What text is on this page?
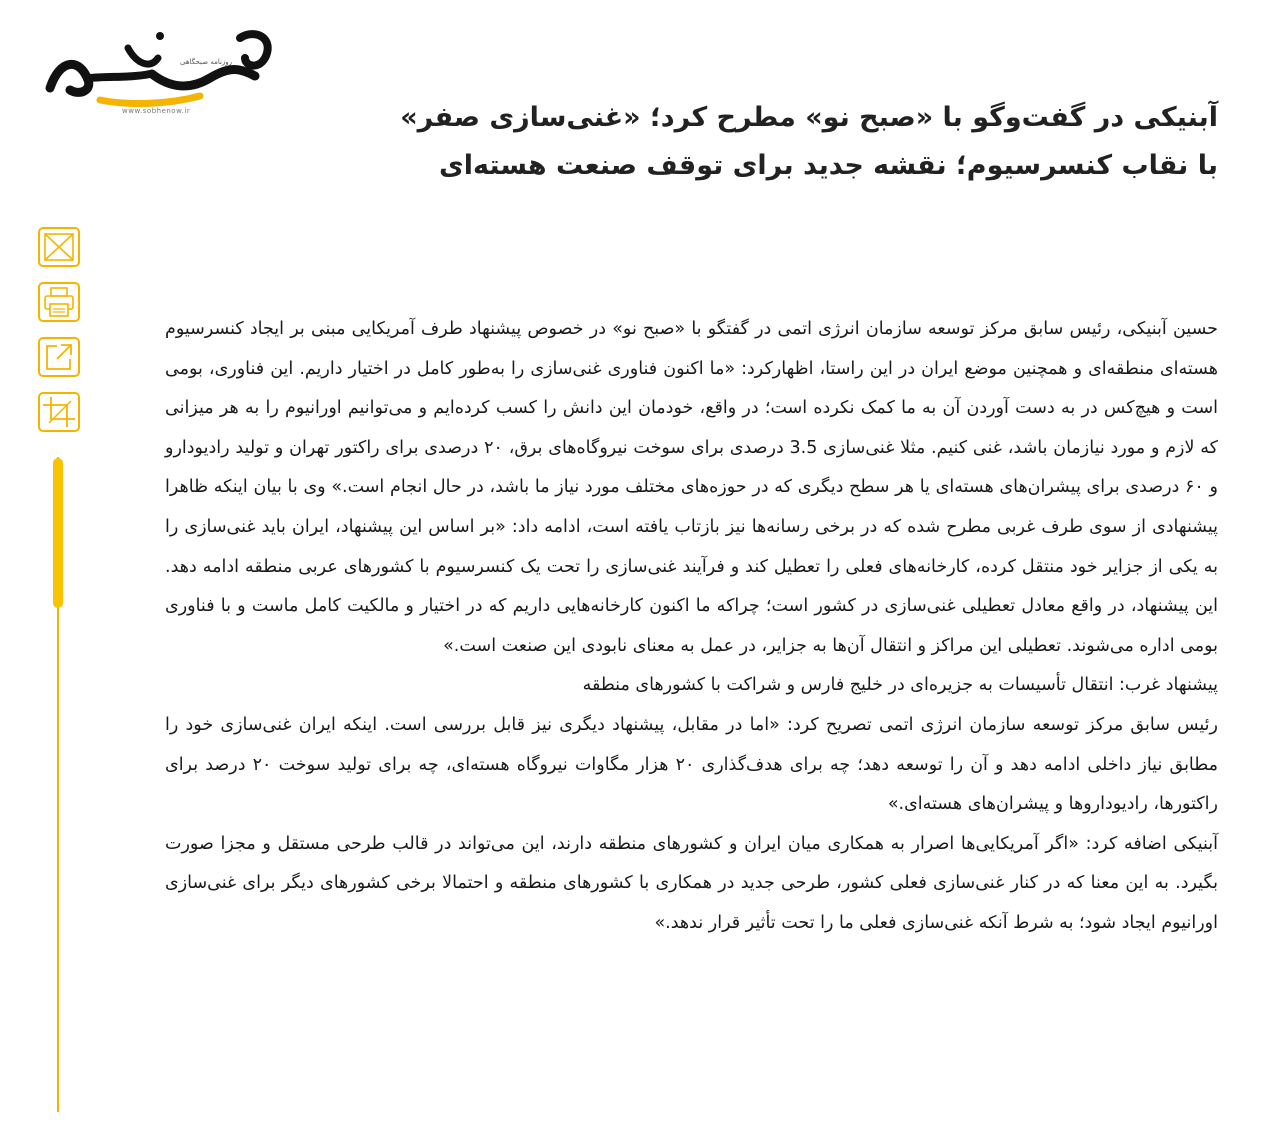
روزنامه صبحگاهی
www.sobhenow.ir	آبنیکی در گفت‌وگو با «صبح نو» مطرح کرد؛ «غنی‌سازی صفر» با نقاب کنسرسیوم؛ نقشه جدید برای توقف صنعت هسته‌ای

حسین آبنیکی، رئیس سابق مرکز توسعه سازمان انرژی اتمی در گفتگو با «صبح نو» در خصوص پیشنهاد طرف آمریکایی مبنی بر ایجاد کنسرسیوم هسته‌ای منطقه‌ای و همچنین موضع ایران در این راستا، اظهارکرد: «ما اکنون فناوری غنی‌سازی را به‌طور کامل در اختیار داریم. این فناوری، بومی است و هیچ‌کس در به دست آوردن آن به ما کمک نکرده است؛ در واقع، خودمان این دانش را کسب کرده‌ایم و می‌توانیم اورانیوم را به هر میزانی که لازم و مورد نیازمان باشد، غنی کنیم. مثلا غنی‌سازی 3.5 درصدی برای سوخت نیروگاه‌های برق، ۲۰ درصدی برای راکتور تهران و تولید رادیودارو و ۶۰ درصدی برای پیشران‌های هسته‌ای یا هر سطح دیگری که در حوزه‌های مختلف مورد نیاز ما باشد، در حال انجام است.» وی با بیان اینکه ظاهرا پیشنهادی از سوی طرف غربی مطرح شده که در برخی رسانه‌ها نیز بازتاب یافته است، ادامه داد: «بر اساس این پیشنهاد، ایران باید غنی‌سازی را به یکی از جزایر خود منتقل کرده، کارخانه‌های فعلی را تعطیل کند و فرآیند غنی‌سازی را تحت یک کنسرسیوم با کشورهای عربی منطقه ادامه دهد. این پیشنهاد، در واقع معادل تعطیلی غنی‌سازی در کشور است؛ چراکه ما اکنون کارخانه‌هایی داریم که در اختیار و مالکیت کامل ماست و با فناوری بومی اداره می‌شوند. تعطیلی این مراکز و انتقال آن‌ها به جزایر، در عمل به معنای نابودی این صنعت است.»

پیشنهاد غرب: انتقال تأسیسات به جزیره‌ای در خلیج فارس و شراکت با کشورهای منطقه

رئیس سابق مرکز توسعه سازمان انرژی اتمی تصریح کرد: «اما در مقابل، پیشنهاد دیگری نیز قابل بررسی است. اینکه ایران غنی‌سازی خود را مطابق نیاز داخلی ادامه دهد و آن را توسعه دهد؛ چه برای هدف‌گذاری ۲۰ هزار مگاوات نیروگاه هسته‌ای، چه برای تولید سوخت ۲۰ درصد برای راکتورها، رادیوداروها و پیشران‌های هسته‌ای.»

آبنیکی اضافه کرد: «اگر آمریکایی‌ها اصرار به همکاری میان ایران و کشورهای منطقه دارند، این می‌تواند در قالب طرحی مستقل و مجزا صورت بگیرد. به این معنا که در کنار غنی‌سازی فعلی کشور، طرحی جدید در همکاری با کشورهای منطقه و احتمالا برخی کشورهای دیگر برای غنی‌سازی اورانیوم ایجاد شود؛ به شرط آنکه غنی‌سازی فعلی ما را تحت تأثیر قرار ندهد.»
